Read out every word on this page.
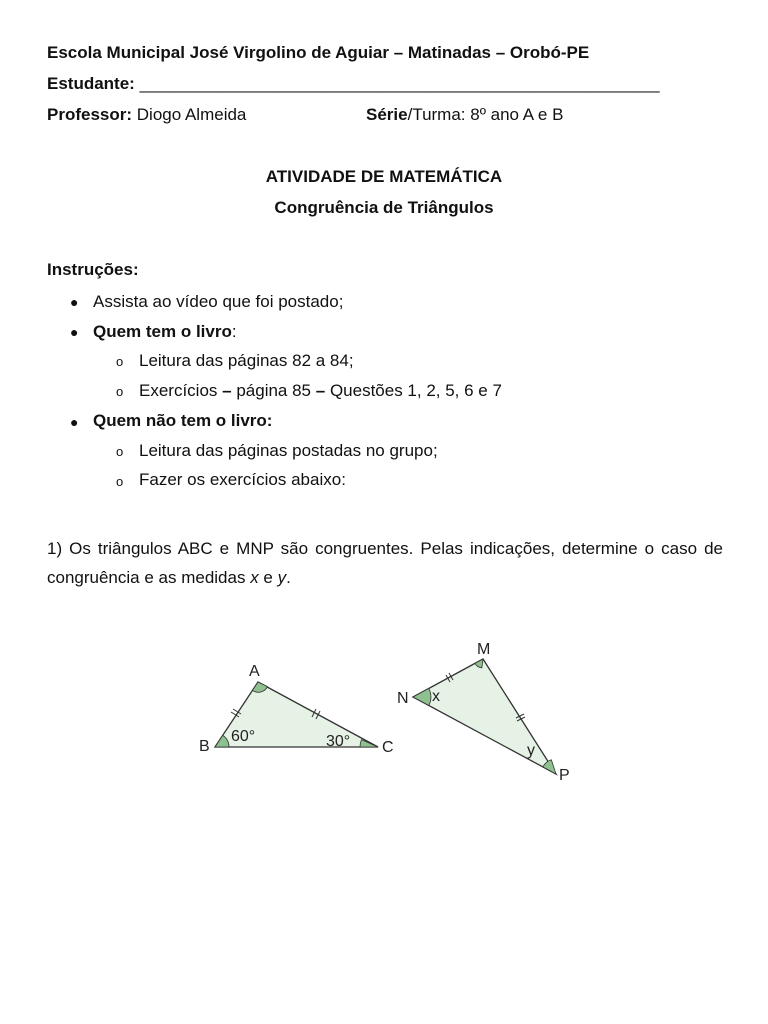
Escola Municipal José Virgolino de Aguiar – Matinadas – Orobó-PE
Estudante: _______________________________________________________
Professor: Diogo Almeida	Série/Turma: 8º ano A e B
ATIVIDADE DE MATEMÁTICA
Congruência de Triângulos
Instruções:
● Assista ao vídeo que foi postado;
● Quem tem o livro:
o Leitura das páginas 82 a 84;
o Exercícios – página 85 – Questões 1, 2, 5, 6 e 7
● Quem não tem o livro:
o Leitura das páginas postadas no grupo;
o Fazer os exercícios abaixo:
1) Os triângulos ABC e MNP são congruentes. Pelas indicações, determine o caso de congruência e as medidas x e y.
A
B	C
60°	30°
M
N
P
x
y
